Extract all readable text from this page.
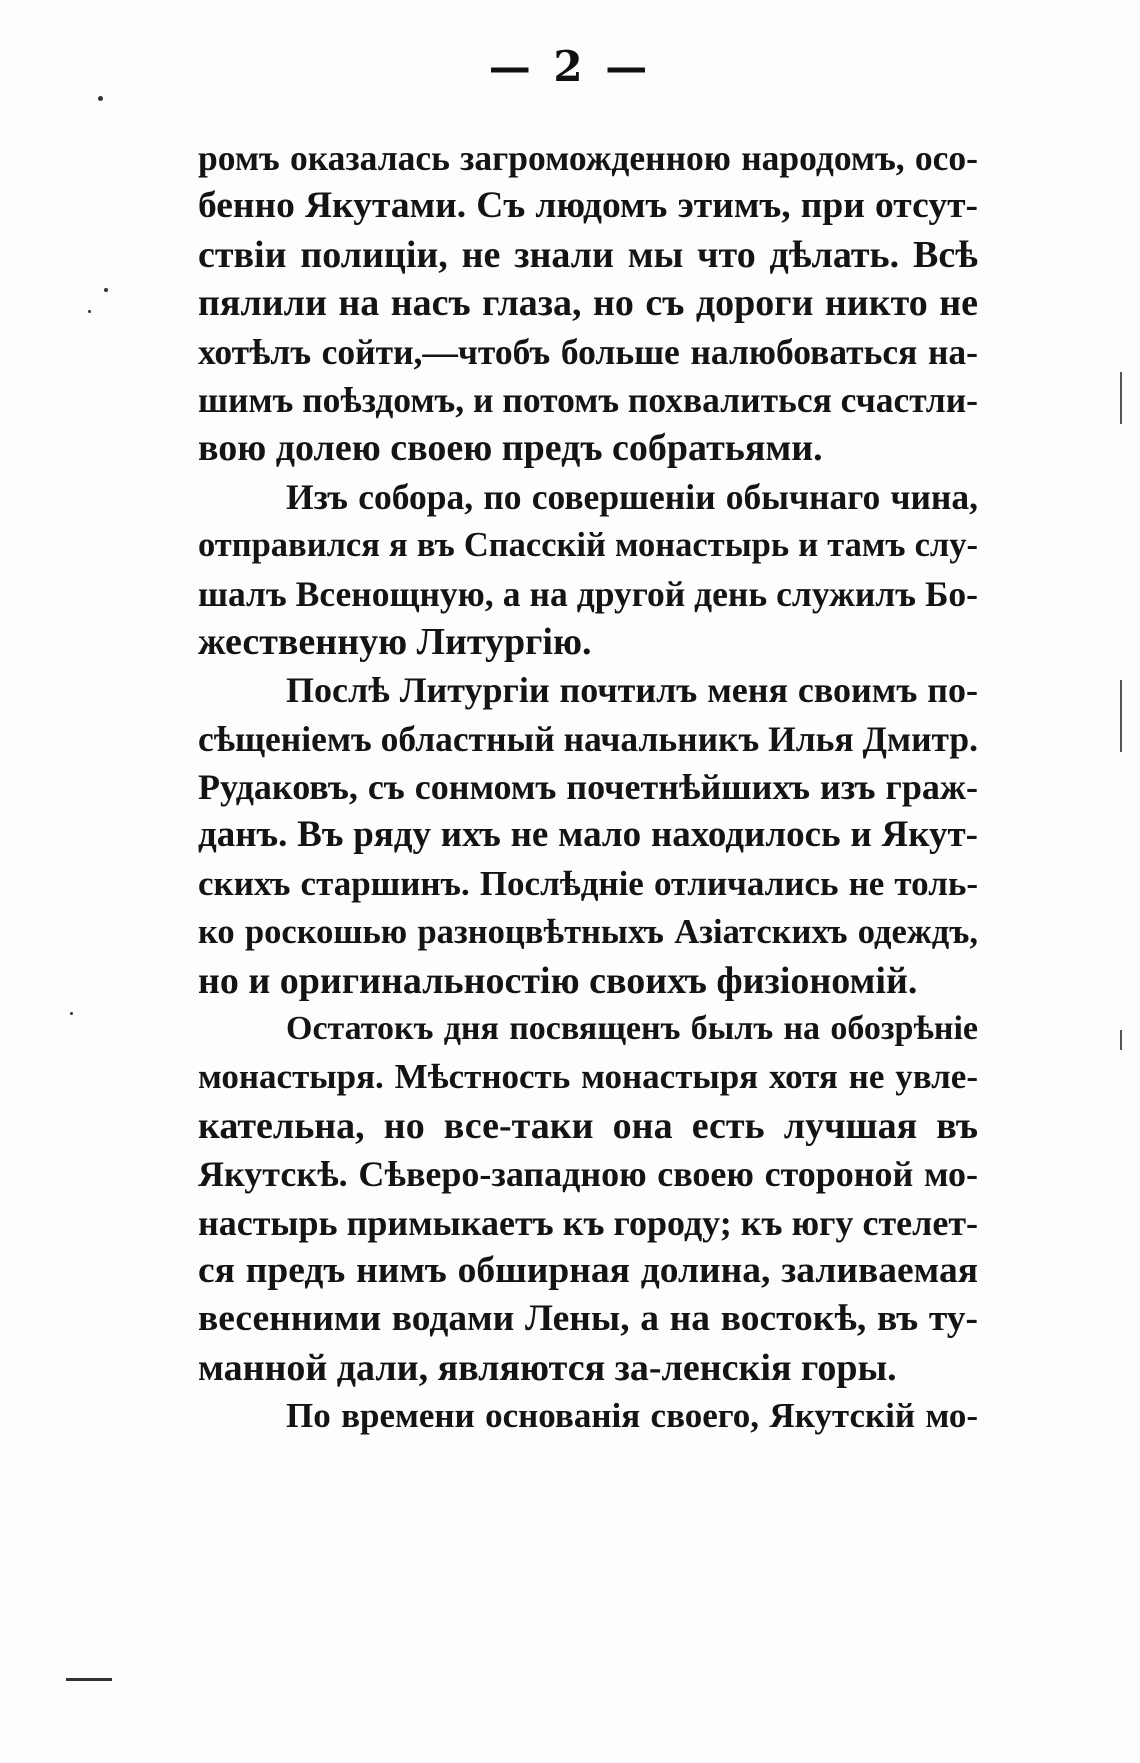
— 2 —
ромъ оказалась загроможденною народомъ, осо-
бенно Якутами. Съ людомъ этимъ, при отсут-
ствіи полиціи, не знали мы что дѣлать. Всѣ
пялили на насъ глаза, но съ дороги никто не
хотѣлъ сойти,—чтобъ больше налюбоваться на-
шимъ поѣздомъ, и потомъ похвалиться счастли-
вою долею своею предъ собратьями.
Изъ собора, по совершеніи обычнаго чина,
отправился я въ Спасскій монастырь и тамъ слу-
шалъ Всенощную, а на другой день служилъ Бо-
жественную Литургію.
Послѣ Литургіи почтилъ меня своимъ по-
сѣщеніемъ областный начальникъ Илья Дмитр.
Рудаковъ, съ сонмомъ почетнѣйшихъ изъ граж-
данъ. Въ ряду ихъ не мало находилось и Якут-
скихъ старшинъ. Послѣдніе отличались не толь-
ко роскошью разноцвѣтныхъ Азіатскихъ одеждъ,
но и оригинальностію своихъ физіономій.
Остатокъ дня посвященъ былъ на обозрѣніе
монастыря. Мѣстность монастыря хотя не увле-
кательна, но все-таки она есть лучшая въ
Якутскѣ. Сѣверо-западною своею стороной мо-
настырь примыкаетъ къ городу; къ югу стелет-
ся предъ нимъ обширная долина, заливаемая
весенними водами Лены, а на востокѣ, въ ту-
манной дали, являются за-ленскія горы.
По времени основанія своего, Якутскій мо-
